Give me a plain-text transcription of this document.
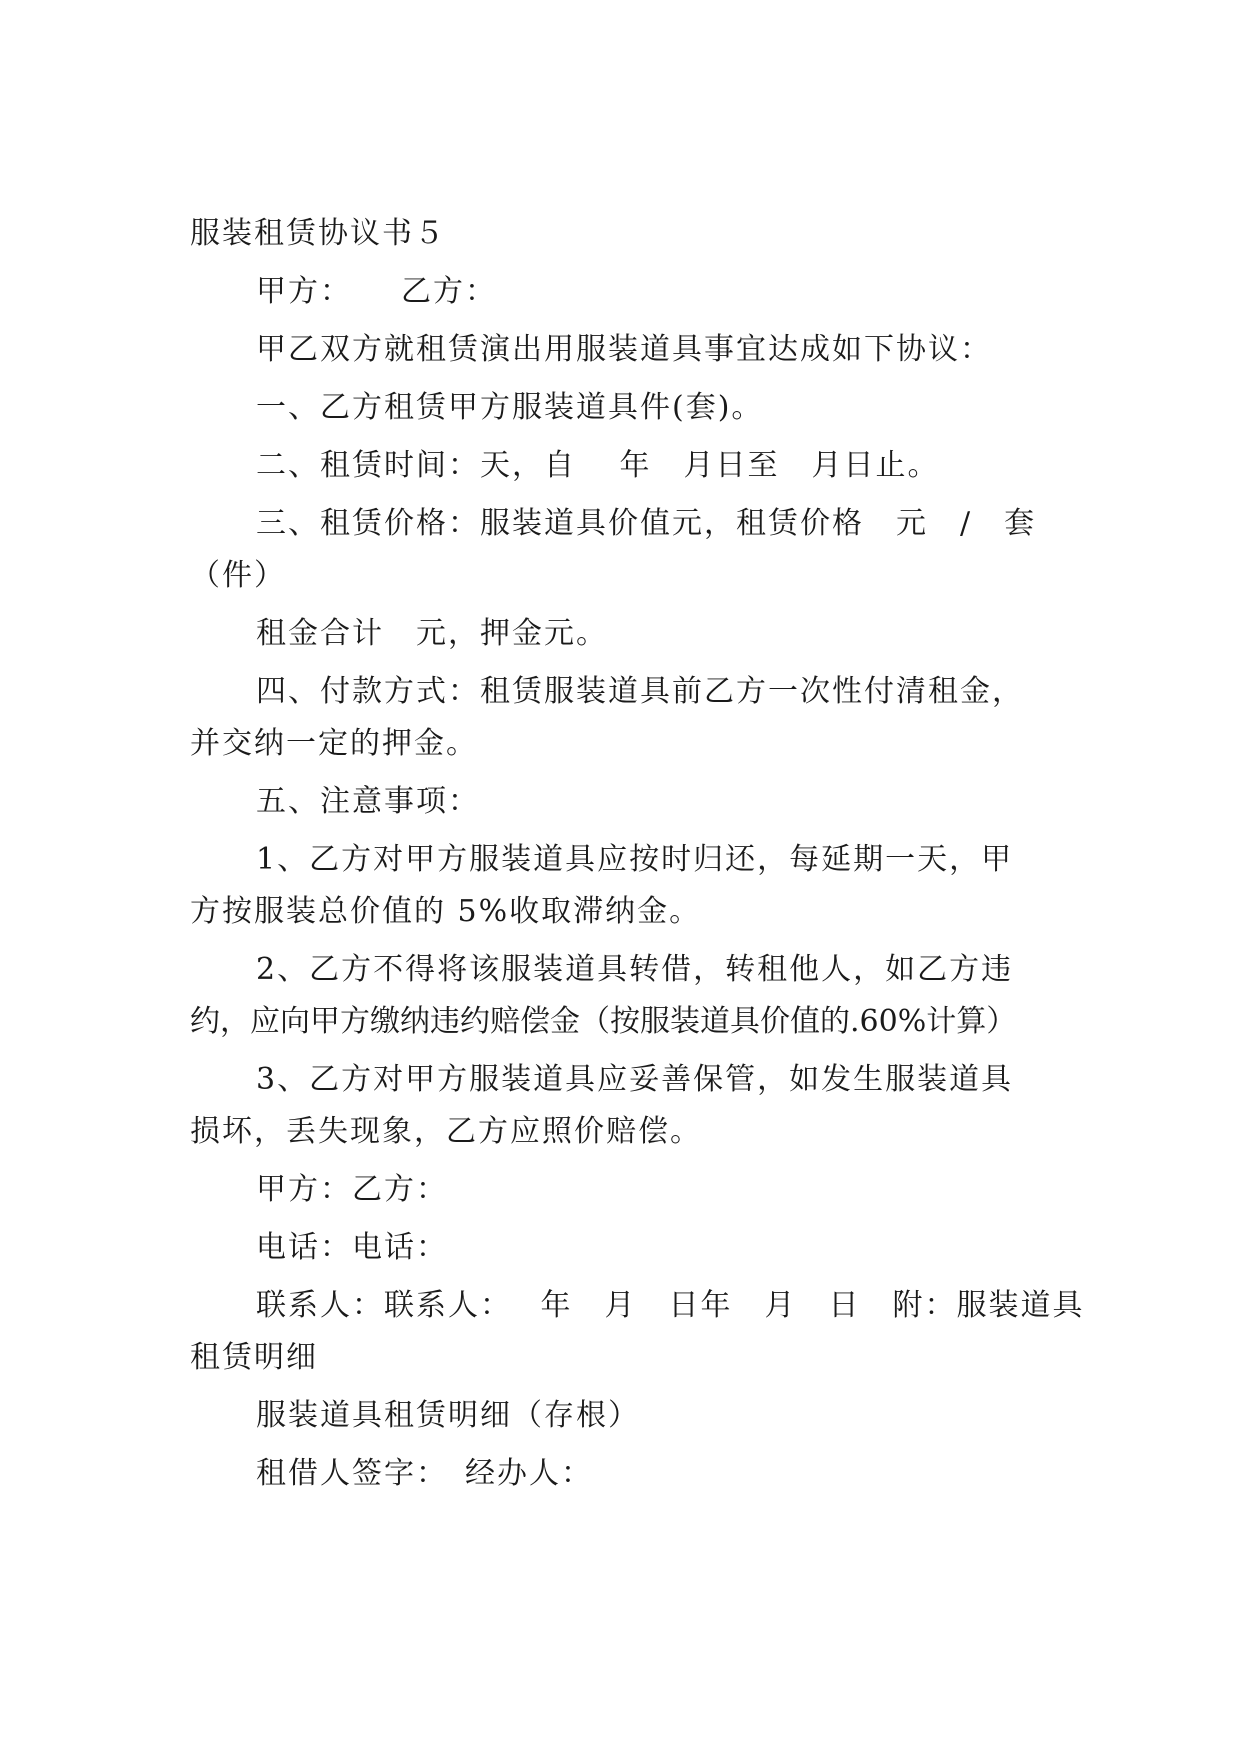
服装租赁协议书５

甲方：　　乙方：

甲乙双方就租赁演出用服装道具事宜达成如下协议：

一、乙方租赁甲方服装道具件(套)。

二、租赁时间：天，自　 年　月日至　月日止。

三、租赁价格：服装道具价值元，租赁价格　元　/　套

（件）

租金合计　元，押金元。

四、付款方式：租赁服装道具前乙方一次性付清租金，

并交纳一定的押金。

五、注意事项：

1、乙方对甲方服装道具应按时归还，每延期一天，甲

方按服装总价值的 5%收取滞纳金。

2、乙方不得将该服装道具转借，转租他人，如乙方违

约，应向甲方缴纳违约赔偿金（按服装道具价值的.60%计算）

3、乙方对甲方服装道具应妥善保管，如发生服装道具

损坏，丢失现象，乙方应照价赔偿。

甲方：乙方：

电话：电话：

联系人：联系人：　 年　月　日年　月　日　附：服装道具

租赁明细

服装道具租赁明细（存根）

租借人签字：　经办人：
